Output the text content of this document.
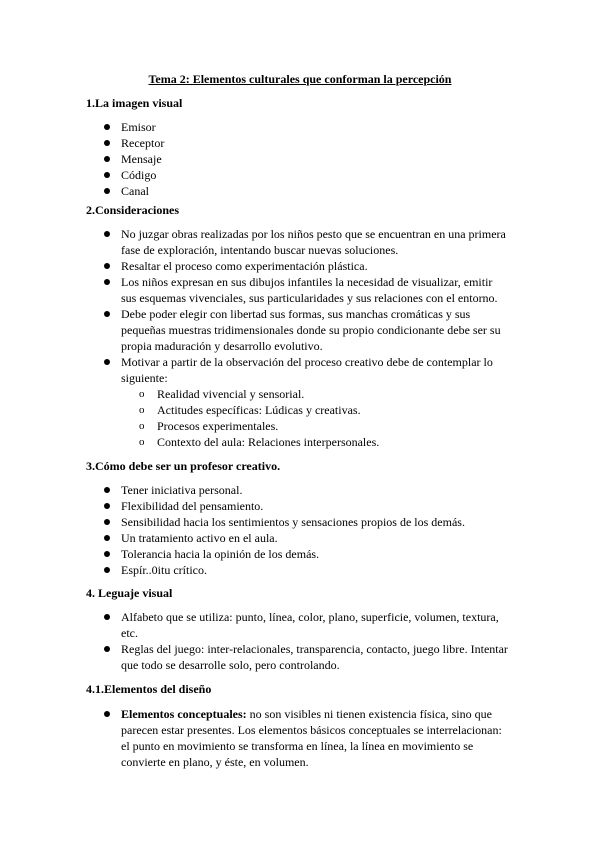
Tema 2: Elementos culturales que conforman la percepción
1.La imagen visual
Emisor
Receptor
Mensaje
Código
Canal
2.Consideraciones
No juzgar obras realizadas por los niños pesto que se encuentran en una primera
fase de exploración, intentando buscar nuevas soluciones.
Resaltar el proceso como experimentación plástica.
Los niños expresan en sus dibujos infantiles la necesidad de visualizar, emitir
sus esquemas vivenciales, sus particularidades y sus relaciones con el entorno.
Debe poder elegir con libertad sus formas, sus manchas cromáticas y sus
pequeñas muestras tridimensionales donde su propio condicionante debe ser su
propia maduración y desarrollo evolutivo.
Motivar a partir de la observación del proceso creativo debe de contemplar lo
siguiente:
o Realidad vivencial y sensorial.
o Actitudes específicas: Lúdicas y creativas.
o Procesos experimentales.
o Contexto del aula: Relaciones interpersonales.
3.Cómo debe ser un profesor creativo.
Tener iniciativa personal.
Flexibilidad del pensamiento.
Sensibilidad hacia los sentimientos y sensaciones propios de los demás.
Un tratamiento activo en el aula.
Tolerancia hacia la opinión de los demás.
Espír..0itu crítico.
4. Leguaje visual
Alfabeto que se utiliza: punto, línea, color, plano, superficie, volumen, textura,
etc.
Reglas del juego: inter-relacionales, transparencia, contacto, juego libre. Intentar
que todo se desarrolle solo, pero controlando.
4.1.Elementos del diseño
Elementos conceptuales: no son visibles ni tienen existencia física, sino que
parecen estar presentes. Los elementos básicos conceptuales se interrelacionan:
el punto en movimiento se transforma en línea, la línea en movimiento se
convierte en plano, y éste, en volumen.
